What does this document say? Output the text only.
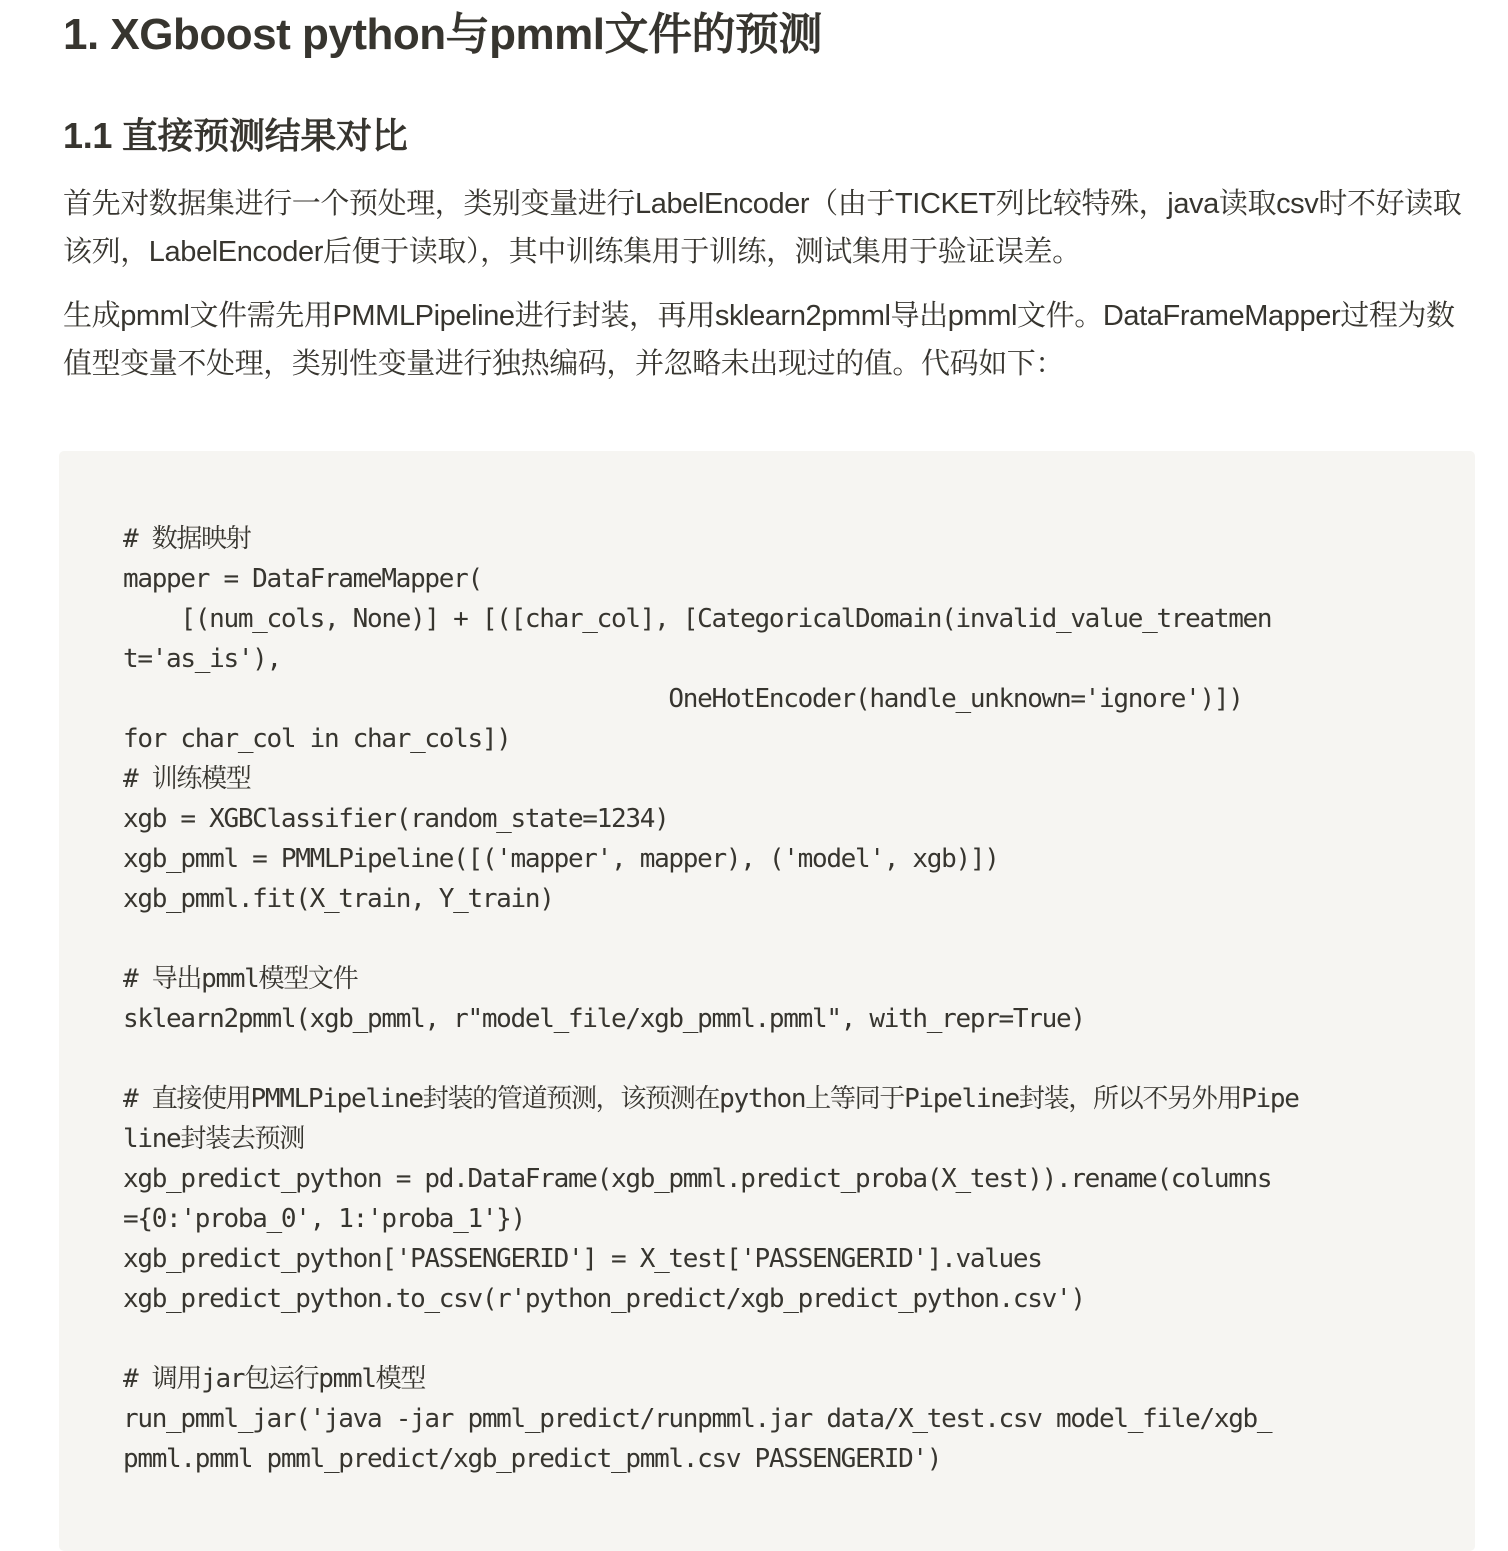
1. XGboost python与pmml文件的预测
1.1 直接预测结果对比

首先对数据集进行一个预处理，类别变量进行LabelEncoder（由于TICKET列比较特殊，java读取csv时不好读取该列，LabelEncoder后便于读取），其中训练集用于训练，测试集用于验证误差。

生成pmml文件需先用PMMLPipeline进行封装，再用sklearn2pmml导出pmml文件。DataFrameMapper过程为数值型变量不处理，类别性变量进行独热编码，并忽略未出现过的值。代码如下：

# 数据映射
mapper = DataFrameMapper(
[(num_cols, None)] + [([char_col], [CategoricalDomain(invalid_value_treatmen
t='as_is'),
OneHotEncoder(handle_unknown='ignore')])
for char_col in char_cols])
# 训练模型
xgb = XGBClassifier(random_state=1234)
xgb_pmml = PMMLPipeline([('mapper', mapper), ('model', xgb)])
xgb_pmml.fit(X_train, Y_train)
# 导出pmml模型文件
sklearn2pmml(xgb_pmml, r"model_file/xgb_pmml.pmml", with_repr=True)
# 直接使用PMMLPipeline封装的管道预测，该预测在python上等同于Pipeline封装，所以不另外用Pipe
line封装去预测
xgb_predict_python = pd.DataFrame(xgb_pmml.predict_proba(X_test)).rename(columns
={0:'proba_0', 1:'proba_1'})
xgb_predict_python['PASSENGERID'] = X_test['PASSENGERID'].values
xgb_predict_python.to_csv(r'python_predict/xgb_predict_python.csv')
# 调用jar包运行pmml模型
run_pmml_jar('java -jar pmml_predict/runpmml.jar data/X_test.csv model_file/xgb_
pmml.pmml pmml_predict/xgb_predict_pmml.csv PASSENGERID')
